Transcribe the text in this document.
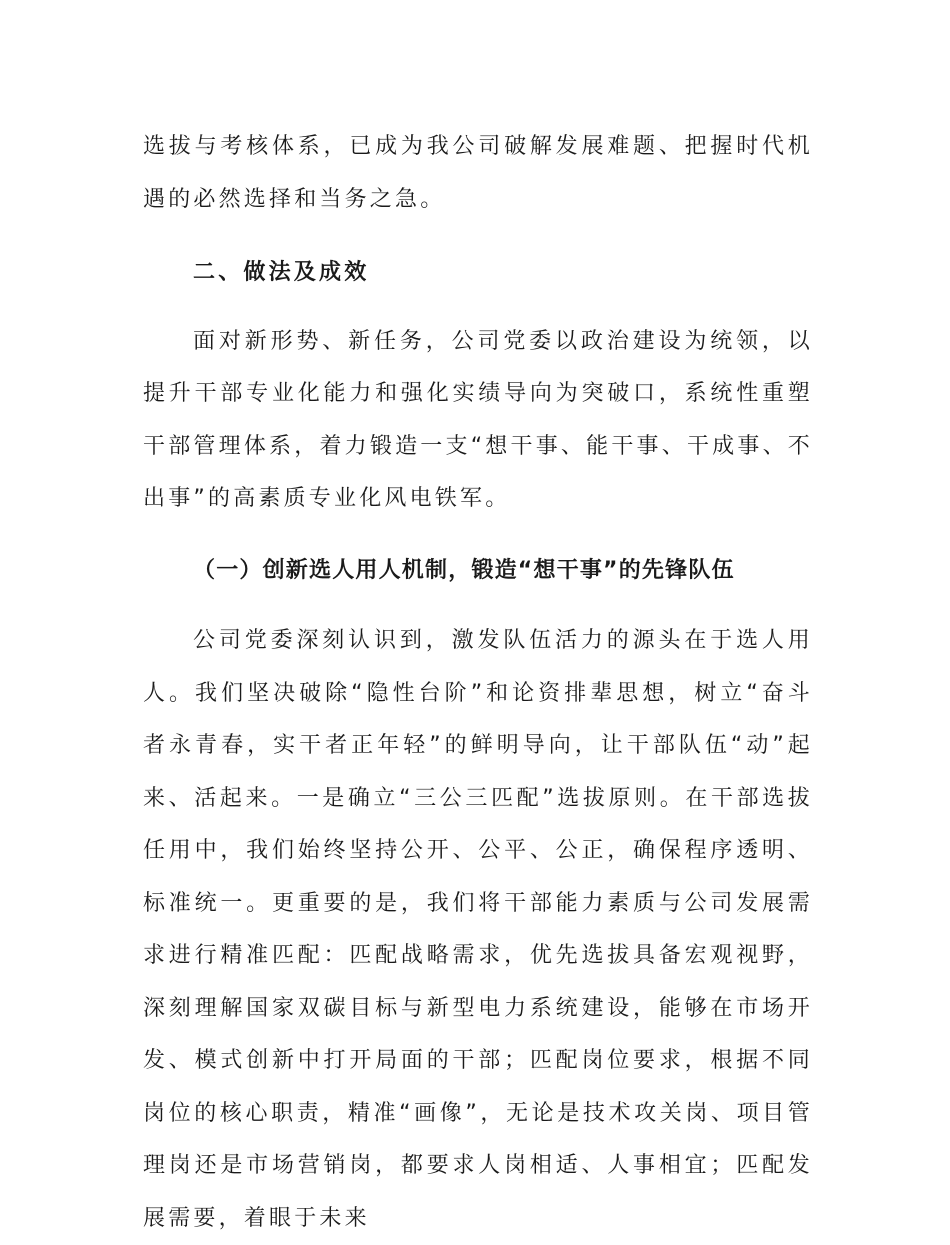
选拔与考核体系，已成为我公司破解发展难题、把握时代机遇的必然选择和当务之急。

二、做法及成效

面对新形势、新任务，公司党委以政治建设为统领，以提升干部专业化能力和强化实绩导向为突破口，系统性重塑干部管理体系，着力锻造一支“想干事、能干事、干成事、不出事”的高素质专业化风电铁军。

（一）创新选人用人机制，锻造“想干事”的先锋队伍

公司党委深刻认识到，激发队伍活力的源头在于选人用人。我们坚决破除“隐性台阶”和论资排辈思想，树立“奋斗者永青春，实干者正年轻”的鲜明导向，让干部队伍“动”起来、活起来。一是确立“三公三匹配”选拔原则。在干部选拔任用中，我们始终坚持公开、公平、公正，确保程序透明、标准统一。更重要的是，我们将干部能力素质与公司发展需求进行精准匹配：匹配战略需求，优先选拔具备宏观视野，深刻理解国家双碳目标与新型电力系统建设，能够在市场开发、模式创新中打开局面的干部；匹配岗位要求，根据不同岗位的核心职责，精准“画像”，无论是技术攻关岗、项目管理岗还是市场营销岗，都要求人岗相适、人事相宜；匹配发展需要，着眼于未来
